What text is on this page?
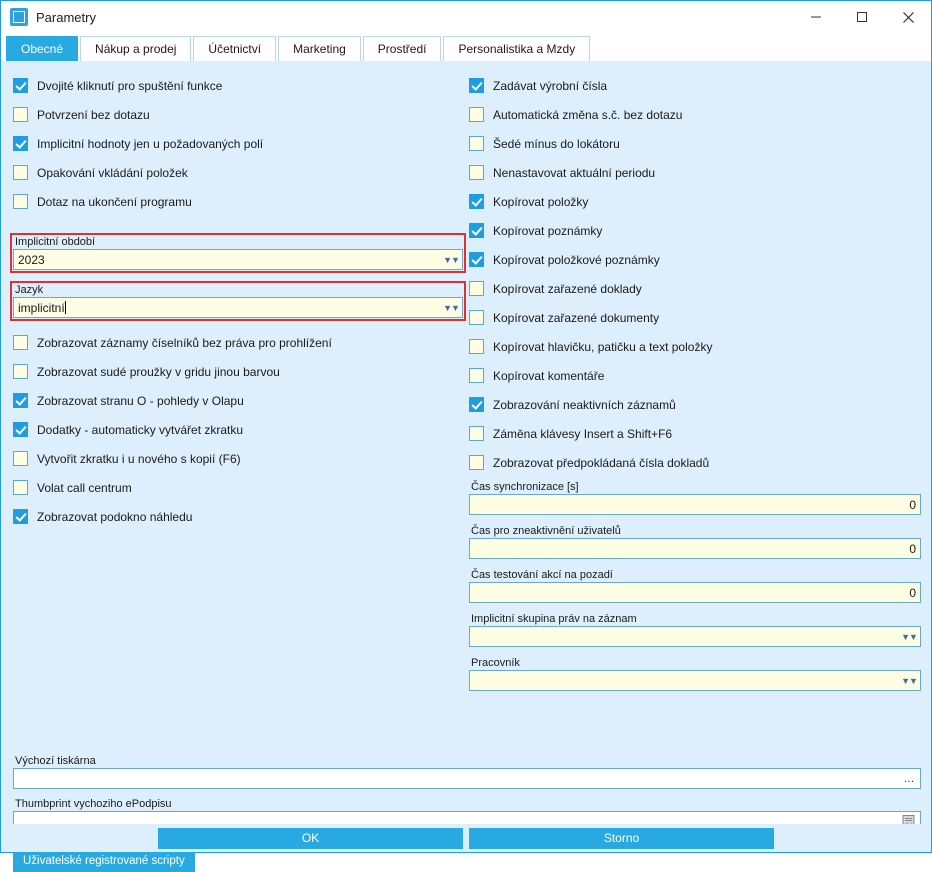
Parametry
Obecné	Nákup a prodej	Účetnictví	Marketing	Prostředí	Personalistika a Mzdy
Dvojité kliknutí pro spuštění funkce
Potvrzení bez dotazu
Implicitní hodnoty jen u požadovaných polí
Opakování vkládání položek
Dotaz na ukončení programu
Implicitní období
2023	▼▼
Jazyk
implicitní	▼▼
Zobrazovat záznamy číselníků bez práva pro prohlížení
Zobrazovat sudé proužky v gridu jinou barvou
Zobrazovat stranu O - pohledy v Olapu
Dodatky - automaticky vytvářet zkratku
Vytvořit zkratku i u nového s kopií (F6)
Volat call centrum
Zobrazovat podokno náhledu
Zadávat výrobní čísla
Automatická změna s.č. bez dotazu
Šedé mínus do lokátoru
Nenastavovat aktuální periodu
Kopírovat položky
Kopírovat poznámky
Kopírovat položkové poznámky
Kopírovat zařazené doklady
Kopírovat zařazené dokumenty
Kopírovat hlavičku, patičku a text položky
Kopírovat komentáře
Zobrazování neaktivních záznamů
Záměna klávesy Insert a Shift+F6
Zobrazovat předpokládaná čísla dokladů
Čas synchronizace [s]
0
Čas pro zneaktivnění uživatelů
0
Čas testování akcí na pozadí
0
Implicitní skupina práv na záznam
▼▼
Pracovník
▼▼
Výchozí tiskárna
…
Thumbprint vychoziho ePodpisu
Uživatelské registrované scripty
OK	Storno
